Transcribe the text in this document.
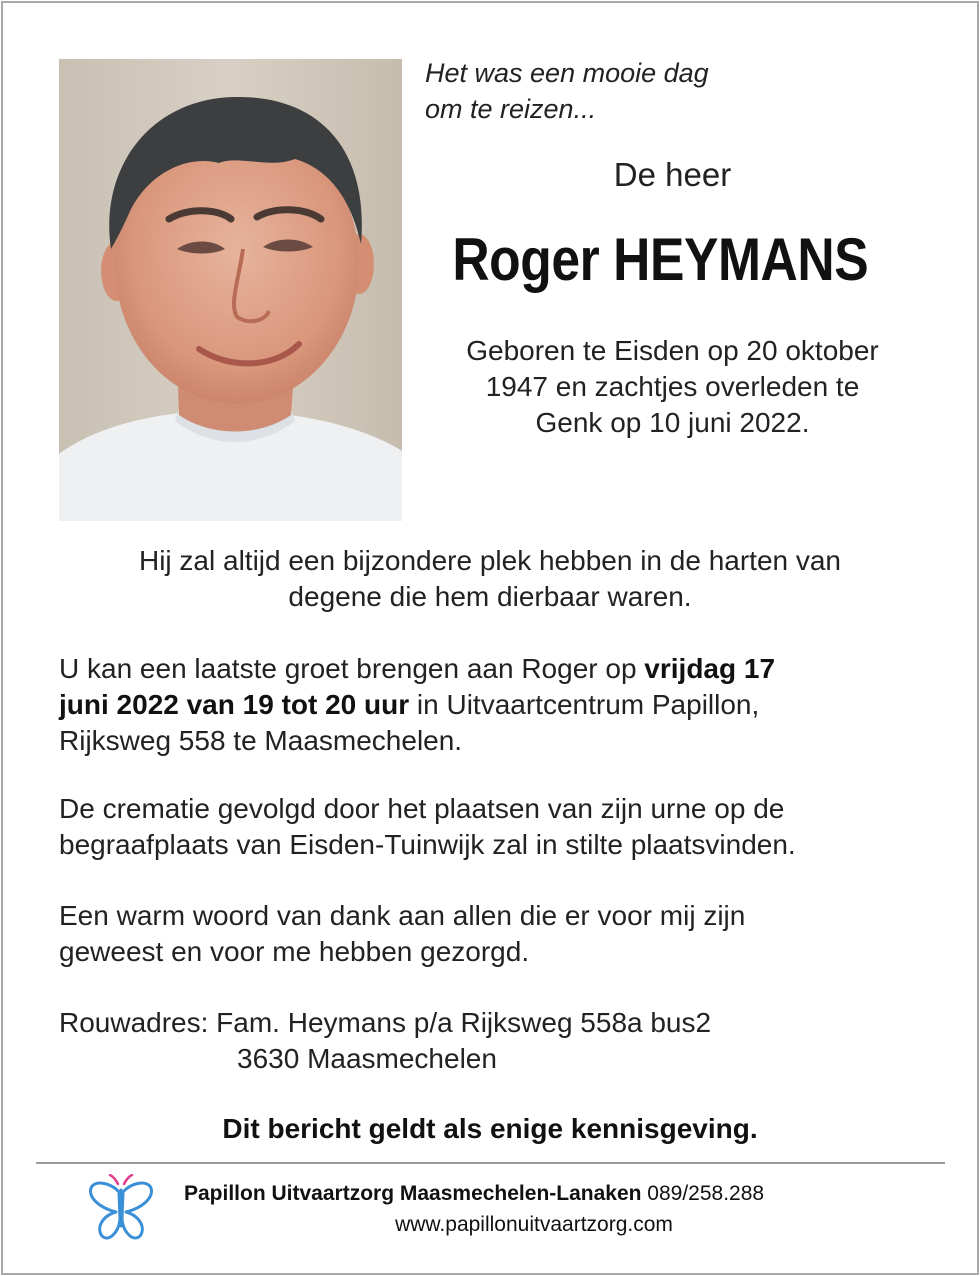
Het was een mooie dag
om te reizen...
De heer
Roger HEYMANS
Geboren te Eisden op 20 oktober
1947 en zachtjes overleden te
Genk op 10 juni 2022.
Hij zal altijd een bijzondere plek hebben in de harten van
degene die hem dierbaar waren.
U kan een laatste groet brengen aan Roger op vrijdag 17
juni 2022 van 19 tot 20 uur in Uitvaartcentrum Papillon,
Rijksweg 558 te Maasmechelen.
De crematie gevolgd door het plaatsen van zijn urne op de
begraafplaats van Eisden-Tuinwijk zal in stilte plaatsvinden.
Een warm woord van dank aan allen die er voor mij zijn
geweest en voor me hebben gezorgd.
Rouwadres: Fam. Heymans p/a Rijksweg 558a bus2
3630 Maasmechelen
Dit bericht geldt als enige kennisgeving.
Papillon Uitvaartzorg Maasmechelen-Lanaken 089/258.288
www.papillonuitvaartzorg.com
